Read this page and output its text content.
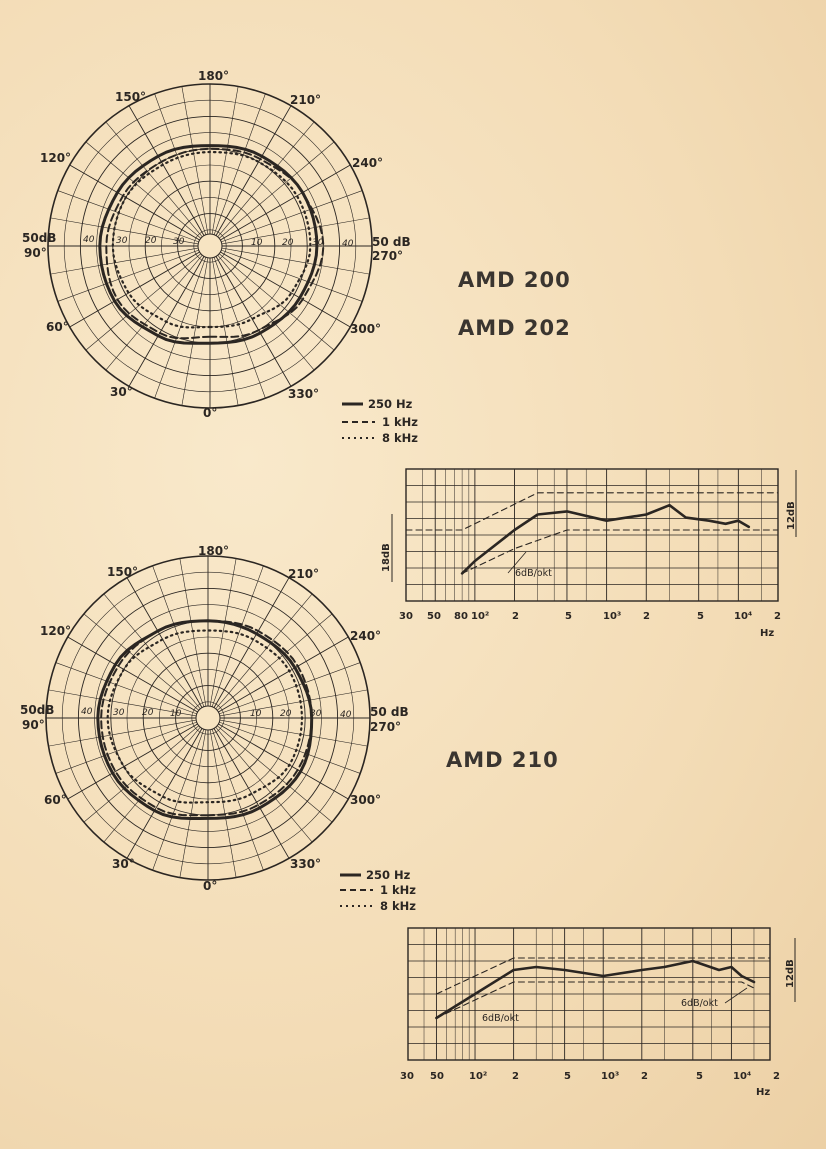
AMD 200
AMD 202
AMD 210
180°
210°
240°
270°
300°
330°
0°
30°
60°
90°
120°
150°
50dB	50 dB
40 30 20 30	10 20 30 40
250 Hz
1 kHz
8 kHz
30 50 80 10² 2	5	10³ 2	5	10⁴ 2
Hz
6dB/okt
12dB
18dB
180°
210°
240°
270°
300°
330°
0°
30°
60°
90°
120°
150°
50dB	50 dB
40 30 20 10	10 20 30 40
250 Hz
1 kHz
8 kHz
30 50	10² 2	5	10³ 2	5	10⁴ 2
Hz
6dB/okt
6dB/okt
12dB
